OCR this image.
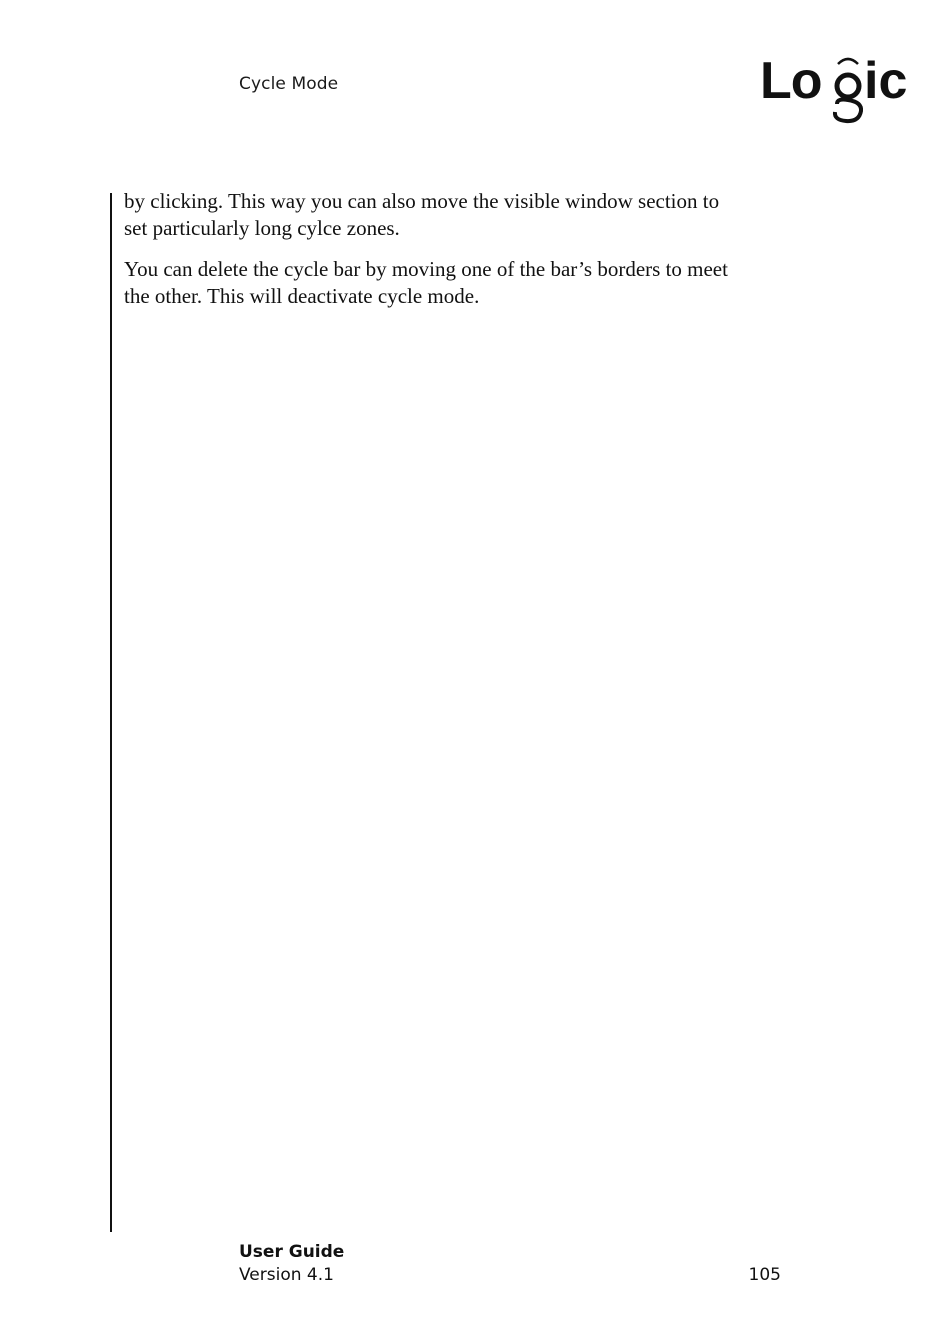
Cycle Mode	Lo ic

by clicking. This way you can also move the visible window section to set particularly long cylce zones.

You can delete the cycle bar by moving one of the bar’s borders to meet the other. This will deactivate cycle mode.

User Guide
Version 4.1	105
